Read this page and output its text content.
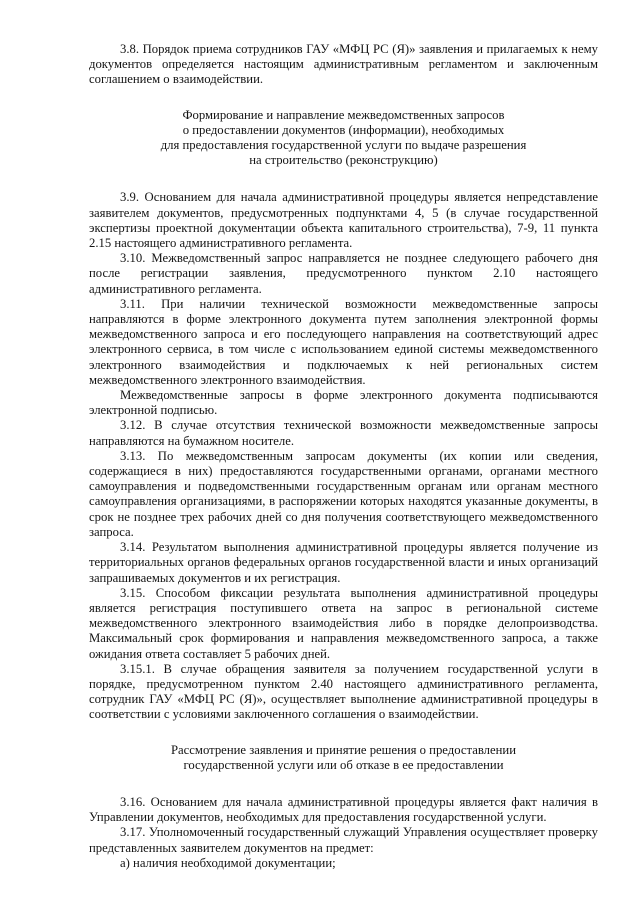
3.8. Порядок приема сотрудников ГАУ «МФЦ РС (Я)» заявления и прилагаемых к нему документов определяется настоящим административным регламентом и заключенным соглашением о взаимодействии.

Формирование и направление межведомственных запросов
о предоставлении документов (информации), необходимых
для предоставления государственной услуги по выдаче разрешения
на строительство (реконструкцию)

3.9. Основанием для начала административной процедуры является непредставление заявителем документов, предусмотренных подпунктами 4, 5 (в случае государственной экспертизы проектной документации объекта капитального строительства), 7-9, 11 пункта 2.15 настоящего административного регламента.

3.10. Межведомственный запрос направляется не позднее следующего рабочего дня после регистрации заявления, предусмотренного пунктом 2.10 настоящего административного регламента.

3.11. При наличии технической возможности межведомственные запросы направляются в форме электронного документа путем заполнения электронной формы межведомственного запроса и его последующего направления на соответствующий адрес электронного сервиса, в том числе с использованием единой системы межведомственного электронного взаимодействия и подключаемых к ней региональных систем межведомственного электронного взаимодействия.

Межведомственные запросы в форме электронного документа подписываются электронной подписью.

3.12. В случае отсутствия технической возможности межведомственные запросы направляются на бумажном носителе.

3.13. По межведомственным запросам документы (их копии или сведения, содержащиеся в них) предоставляются государственными органами, органами местного самоуправления и подведомственными государственным органам или органам местного самоуправления организациями, в распоряжении которых находятся указанные документы, в срок не позднее трех рабочих дней со дня получения соответствующего межведомственного запроса.

3.14. Результатом выполнения административной процедуры является получение из территориальных органов федеральных органов государственной власти и иных организаций запрашиваемых документов и их регистрация.

3.15. Способом фиксации результата выполнения административной процедуры является регистрация поступившего ответа на запрос в региональной системе межведомственного электронного взаимодействия либо в порядке делопроизводства. Максимальный срок формирования и направления межведомственного запроса, а также ожидания ответа составляет 5 рабочих дней.

3.15.1. В случае обращения заявителя за получением государственной услуги в порядке, предусмотренном пунктом 2.40 настоящего административного регламента, сотрудник ГАУ «МФЦ РС (Я)», осуществляет выполнение административной процедуры в соответствии с условиями заключенного соглашения о взаимодействии.

Рассмотрение заявления и принятие решения о предоставлении
государственной услуги или об отказе в ее предоставлении

3.16. Основанием для начала административной процедуры является факт наличия в Управлении документов, необходимых для предоставления государственной услуги.

3.17. Уполномоченный государственный служащий Управления осуществляет проверку представленных заявителем документов на предмет:

а) наличия необходимой документации;
